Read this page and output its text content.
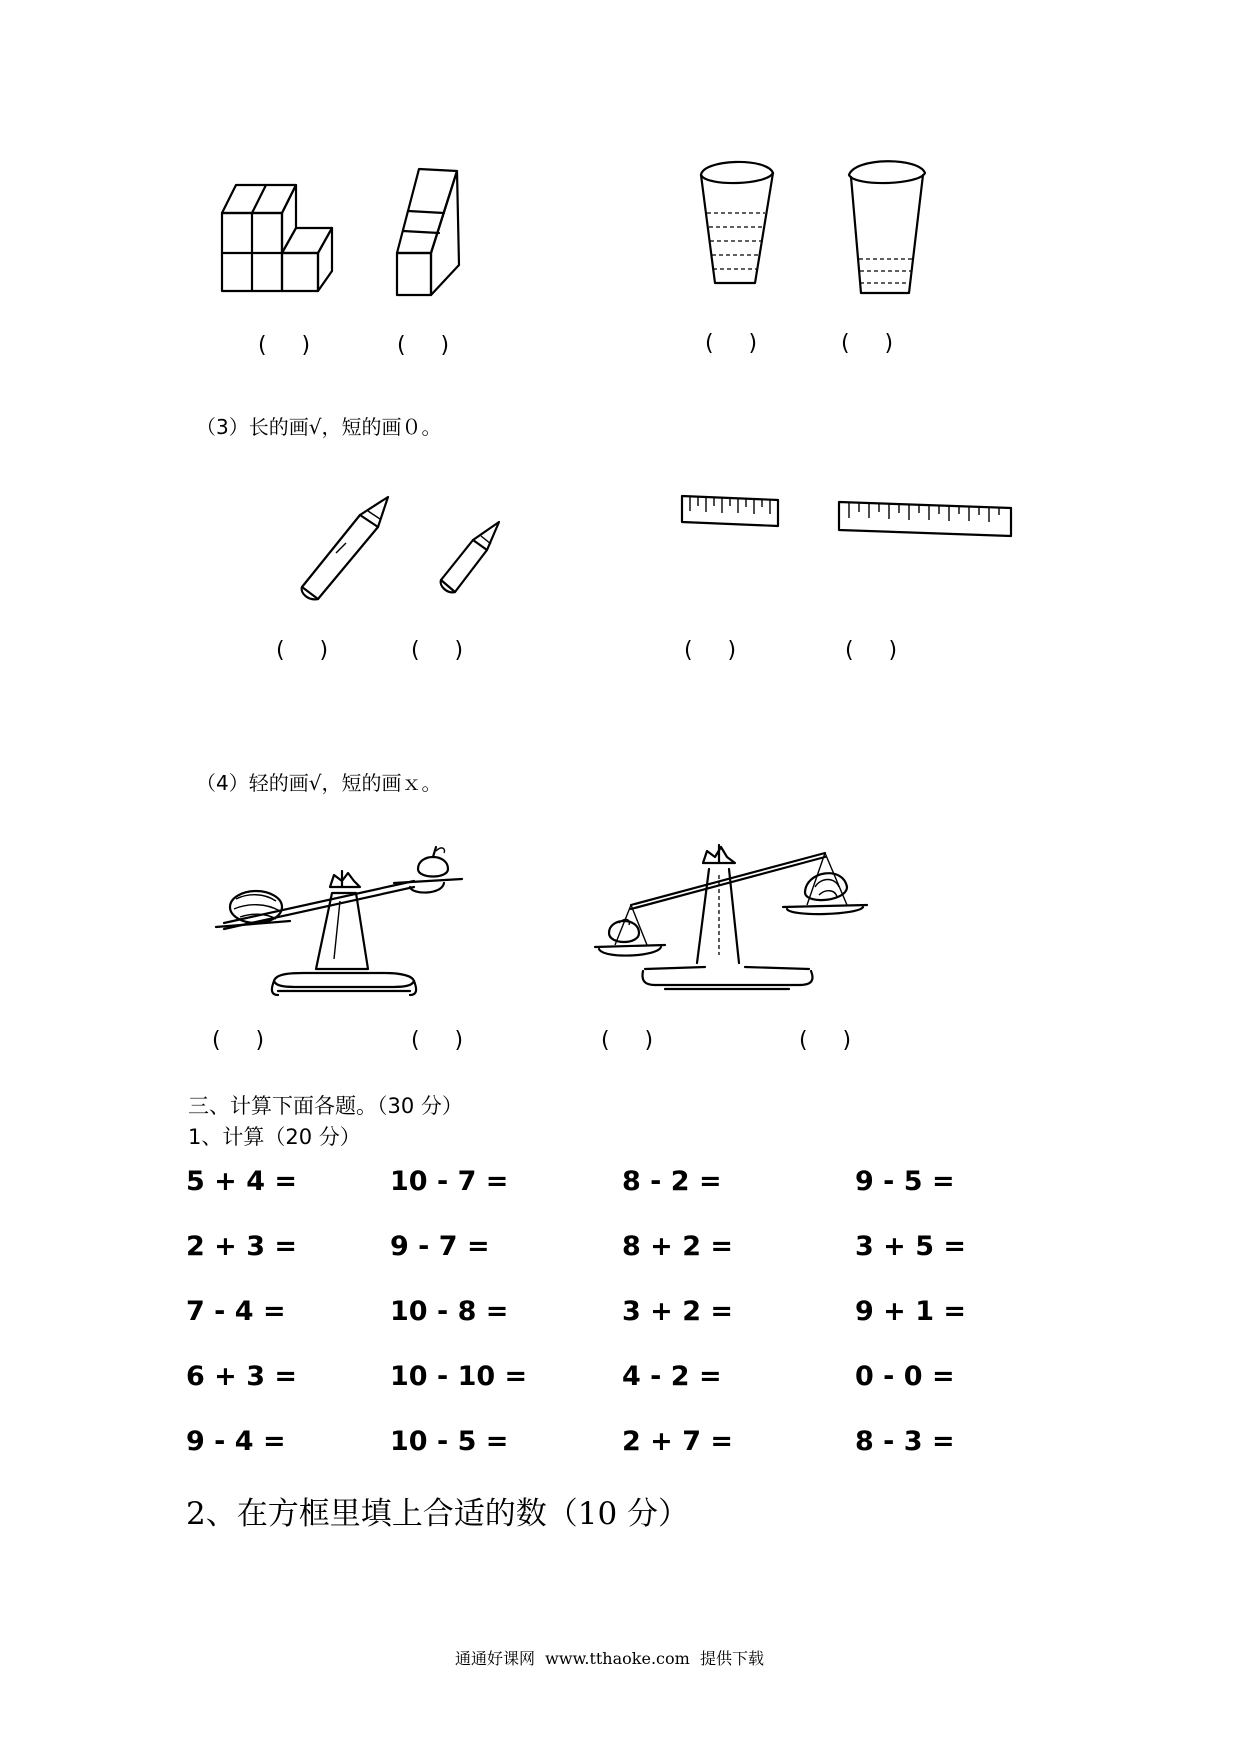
(     )	(     )	(     )	(     )
（3）长的画√，短的画０。
(     )	(     )	(     )	(     )
（4）轻的画√，短的画ｘ。
(     )	(     )	(     )	(     )
三、计算下面各题。（30 分）
1、计算（20 分）
5 + 4 =	10 - 7 =	8 - 2 =	9 - 5 =
2 + 3 =	9 - 7 =	8 + 2 =	3 + 5 =
7 - 4 =	10 - 8 =	3 + 2 =	9 + 1 =
6 + 3 =	10 - 10 =	4 - 2 =	0 - 0 =
9 - 4 =	10 - 5 =	2 + 7 =	8 - 3 =
2、在方框里填上合适的数（10 分）
通通好课网  www.tthaoke.com  提供下载
